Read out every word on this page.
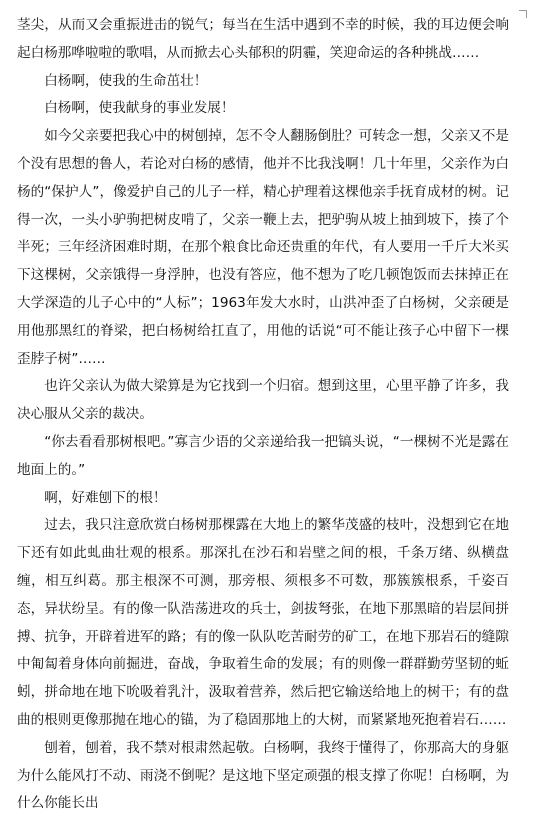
茎尖，从而又会重振进击的锐气；每当在生活中遇到不幸的时候，我的耳边便会响起白杨那哗啦啦的歌唱，从而掀去心头郁积的阴霾，笑迎命运的各种挑战……

白杨啊，使我的生命茁壮！

白杨啊，使我献身的事业发展！

如今父亲要把我心中的树刨掉，怎不令人翻肠倒肚？可转念一想，父亲又不是个没有思想的鲁人，若论对白杨的感情，他并不比我浅啊！几十年里，父亲作为白杨的“保护人”，像爱护自己的儿子一样，精心护理着这棵他亲手抚育成材的树。记得一次，一头小驴驹把树皮啃了，父亲一鞭上去，把驴驹从坡上抽到坡下，揍了个半死；三年经济困难时期，在那个粮食比命还贵重的年代，有人要用一千斤大米买下这棵树，父亲饿得一身浮肿，也没有答应，他不想为了吃几顿饱饭而去抹掉正在大学深造的儿子心中的“人标”；1963年发大水时，山洪冲歪了白杨树，父亲硬是用他那黑红的脊梁，把白杨树给扛直了，用他的话说“可不能让孩子心中留下一棵歪脖子树”……

也许父亲认为做大梁算是为它找到一个归宿。想到这里，心里平静了许多，我决心服从父亲的裁决。

“你去看看那树根吧。”寡言少语的父亲递给我一把镐头说，“一棵树不光是露在地面上的。”

啊，好难刨下的根！

过去，我只注意欣赏白杨树那棵露在大地上的繁华茂盛的枝叶，没想到它在地下还有如此虬曲壮观的根系。那深扎在沙石和岩壁之间的根，千条万绪、纵横盘缠，相互纠葛。那主根深不可测，那旁根、须根多不可数，那簇簇根系，千姿百态，异状纷呈。有的像一队浩荡进攻的兵士，剑拔弩张，在地下那黑暗的岩层间拼搏、抗争，开辟着进军的路；有的像一队队吃苦耐劳的矿工，在地下那岩石的缝隙中匍匐着身体向前掘进，奋战，争取着生命的发展；有的则像一群群勤劳坚韧的蚯蚓，拼命地在地下吮吸着乳汁，汲取着营养，然后把它输送给地上的树干；有的盘曲的根则更像那抛在地心的锚，为了稳固那地上的大树，而紧紧地死抱着岩石……

刨着，刨着，我不禁对根肃然起敬。白杨啊，我终于懂得了，你那高大的身躯为什么能风打不动、雨浇不倒呢？是这地下坚定顽强的根支撑了你呢！白杨啊，为什么你能长出
